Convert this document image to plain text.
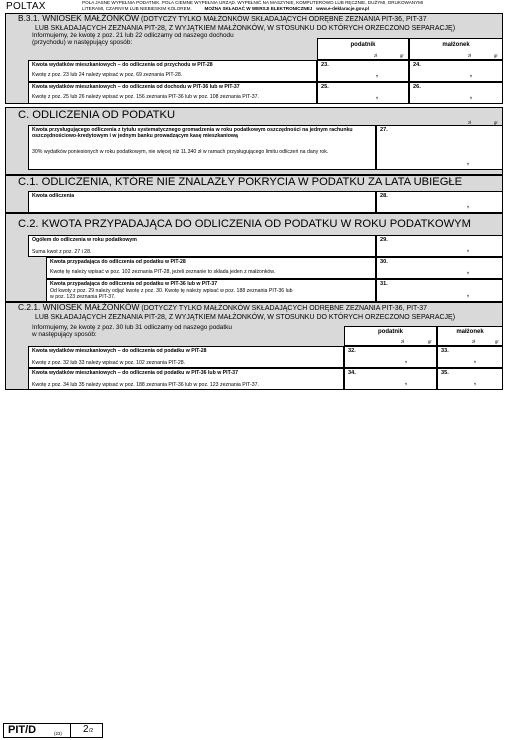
POLTAX	POLA JASNE WYPEŁNIA PODATNIK. POLA CIEMNE WYPEŁNIA URZĄD. WYPEŁNIĆ NA MASZYNIE, KOMPUTEROWO LUB RĘCZNIE, DUŻYMI, DRUKOWANYMI
LITERAMI, CZARNYM LUB NIEBIESKIM KOLOREM.	MOŻNA SKŁADAĆ W WERSJI ELEKTRONICZNEJ www.e-deklaracje.gov.pl
B.3.1. WNIOSEK MAŁŻONKÓW (DOTYCZY TYLKO MAŁŻONKÓW SKŁADAJĄCYCH ODRĘBNE ZEZNANIA PIT-36, PIT-37
LUB SKŁADAJĄCYCH ZEZNANIA PIT-28, Z WYJĄTKIEM MAŁŻONKÓW, W STOSUNKU DO KTÓRYCH ORZECZONO SEPARACJĘ)
Informujemy, że kwotę z poz. 21 lub 22 odliczamy od naszego dochodu
(przychodu) w następujący sposób:	podatnik
zł	gr
małżonek
zł	gr
Kwota wydatków mieszkaniowych − do odliczenia od przychodu w PIT-28
Kwotę z poz. 23 lub 24 należy wpisać w poz. 69 zeznania PIT-28.
23.
,
24.
,
Kwota wydatków mieszkaniowych − do odliczenia od dochodu w PIT-36 lub w PIT-37
Kwotę z poz. 25 lub 26 należy wpisać w poz. 156 zeznania PIT-36 lub w poz. 108 zeznania PIT-37.
25.
,
26.
,
C. ODLICZENIA OD PODATKU
zł	gr
Kwota przysługującego odliczenia z tytułu systematycznego gromadzenia w roku podatkowym oszczędności na jednym rachunku oszczędnościowo-kredytowym i w jednym banku prowadzącym kasę mieszkaniową
30% wydatków poniesionych w roku podatkowym, nie więcej niż 11.340 zł w ramach przysługującego limitu odliczeń na dany rok.
27.
,
C.1. ODLICZENIA, KTÓRE NIE ZNALAZŁY POKRYCIA W PODATKU ZA LATA UBIEGŁE
Kwota odliczenia	28.
,
C.2. KWOTA PRZYPADAJĄCA DO ODLICZENIA OD PODATKU W ROKU PODATKOWYM
Ogółem do odliczenia w roku podatkowym
Suma kwot z poz. 27 i 28.
29.
,
Kwota przypadająca do odliczenia od podatku w PIT-28
Kwotę tę należy wpisać w poz. 102 zeznania PIT-28, jeżeli zeznanie to składa jeden z małżonków.
30.
,
Kwota przypadająca do odliczenia od podatku w PIT-36 lub w PIT-37
Od kwoty z poz. 29 należy odjąć kwotę z poz. 30. Kwotę tę należy wpisać w poz. 188 zeznania PIT-36 lub
w poz. 123 zeznania PIT-37.
31.
,
C.2.1. WNIOSEK MAŁŻONKÓW (DOTYCZY TYLKO MAŁŻONKÓW SKŁADAJĄCYCH ODRĘBNE ZEZNANIA PIT-36, PIT-37
LUB SKŁADAJĄCYCH ZEZNANIA PIT-28, Z WYJĄTKIEM MAŁŻONKÓW, W STOSUNKU DO KTÓRYCH ORZECZONO SEPARACJĘ)
Informujemy, że kwotę z poz. 30 lub 31 odliczamy od naszego podatku
w następujący sposób:	podatnik
zł	gr
małżonek
zł	gr
Kwota wydatków mieszkaniowych − do odliczenia od podatku w PIT-28
Kwotę z poz. 32 lub 33 należy wpisać w poz. 102 zeznania PIT-28.
32.
,
33.
,
Kwota wydatków mieszkaniowych − do odliczenia od podatku w PIT-36 lub w PIT-37
Kwotę z poz. 34 lub 35 należy wpisać w poz. 188 zeznania PIT-36 lub w poz. 123 zeznania PIT-37.
34.
,
35.
,
PIT/D	(23) 2 /2
